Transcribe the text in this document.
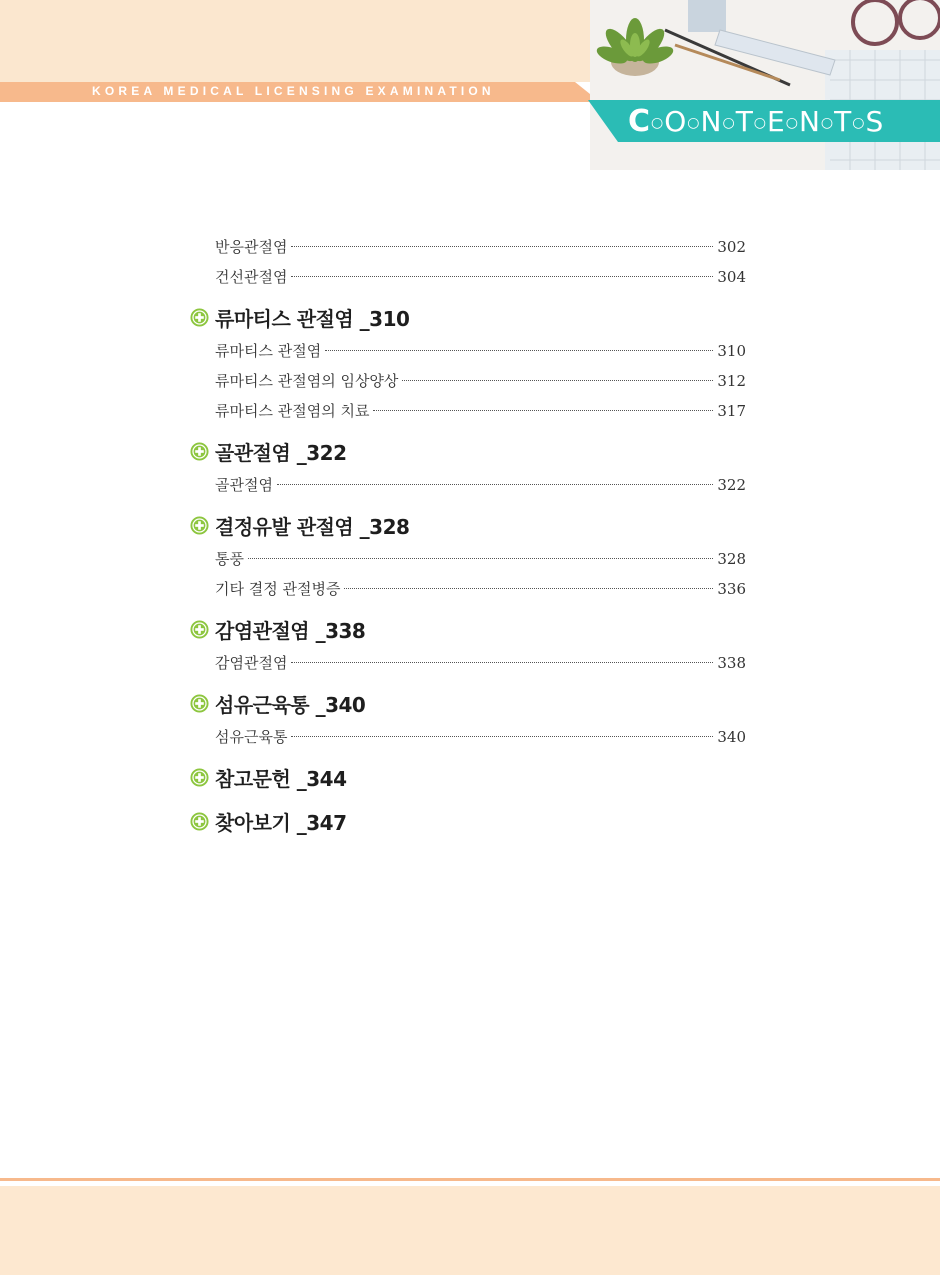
KOREA MEDICAL LICENSING EXAMINATION
C○O○N○T○E○N○T○S
반응관절염	302
건선관절염	304
류마티스 관절염 _310
류마티스 관절염	310
류마티스 관절염의 임상양상	312
류마티스 관절염의 치료	317
골관절염 _322
골관절염	322
결정유발 관절염 _328
통풍	328
기타 결정 관절병증	336
감염관절염 _338
감염관절염	338
섬유근육통 _340
섬유근육통	340
참고문헌 _344
찾아보기 _347
